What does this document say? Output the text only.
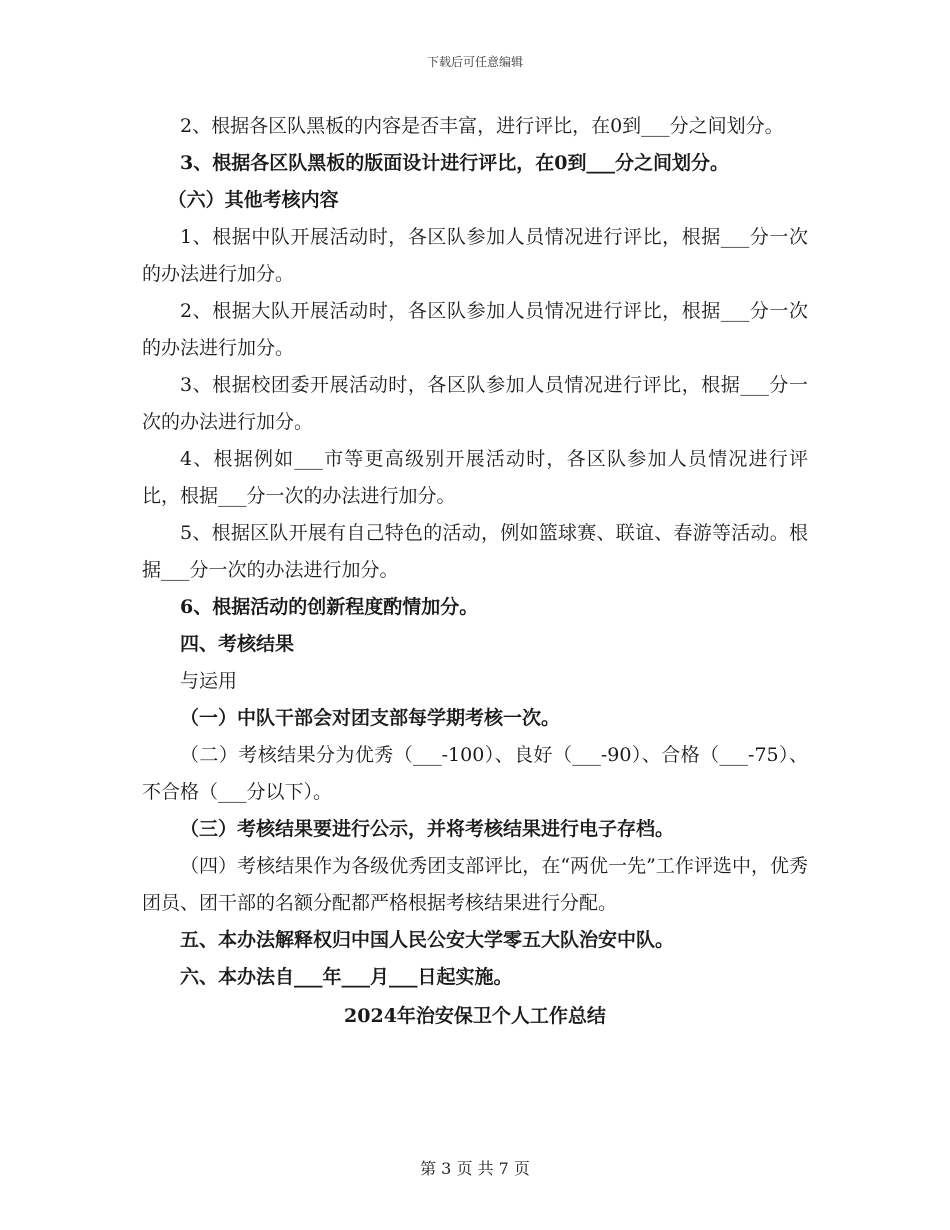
下载后可任意编辑

2、根据各区队黑板的内容是否丰富，进行评比，在0到___分之间划分。

3、根据各区队黑板的版面设计进行评比，在0到___分之间划分。

（六）其他考核内容

1、根据中队开展活动时，各区队参加人员情况进行评比，根据___分一次的办法进行加分。

2、根据大队开展活动时，各区队参加人员情况进行评比，根据___分一次的办法进行加分。

3、根据校团委开展活动时，各区队参加人员情况进行评比，根据___分一次的办法进行加分。

4、根据例如___市等更高级别开展活动时，各区队参加人员情况进行评比，根据___分一次的办法进行加分。

5、根据区队开展有自己特色的活动，例如篮球赛、联谊、春游等活动。根据___分一次的办法进行加分。

6、根据活动的创新程度酌情加分。

四、考核结果

与运用

（一）中队干部会对团支部每学期考核一次。

（二）考核结果分为优秀（___-100）、良好（___-90）、合格（___-75）、不合格（___分以下）。

（三）考核结果要进行公示，并将考核结果进行电子存档。

（四）考核结果作为各级优秀团支部评比，在“两优一先”工作评选中，优秀团员、团干部的名额分配都严格根据考核结果进行分配。

五、本办法解释权归中国人民公安大学零五大队治安中队。

六、本办法自___年___月___日起实施。

2024年治安保卫个人工作总结

第 3 页 共 7 页
